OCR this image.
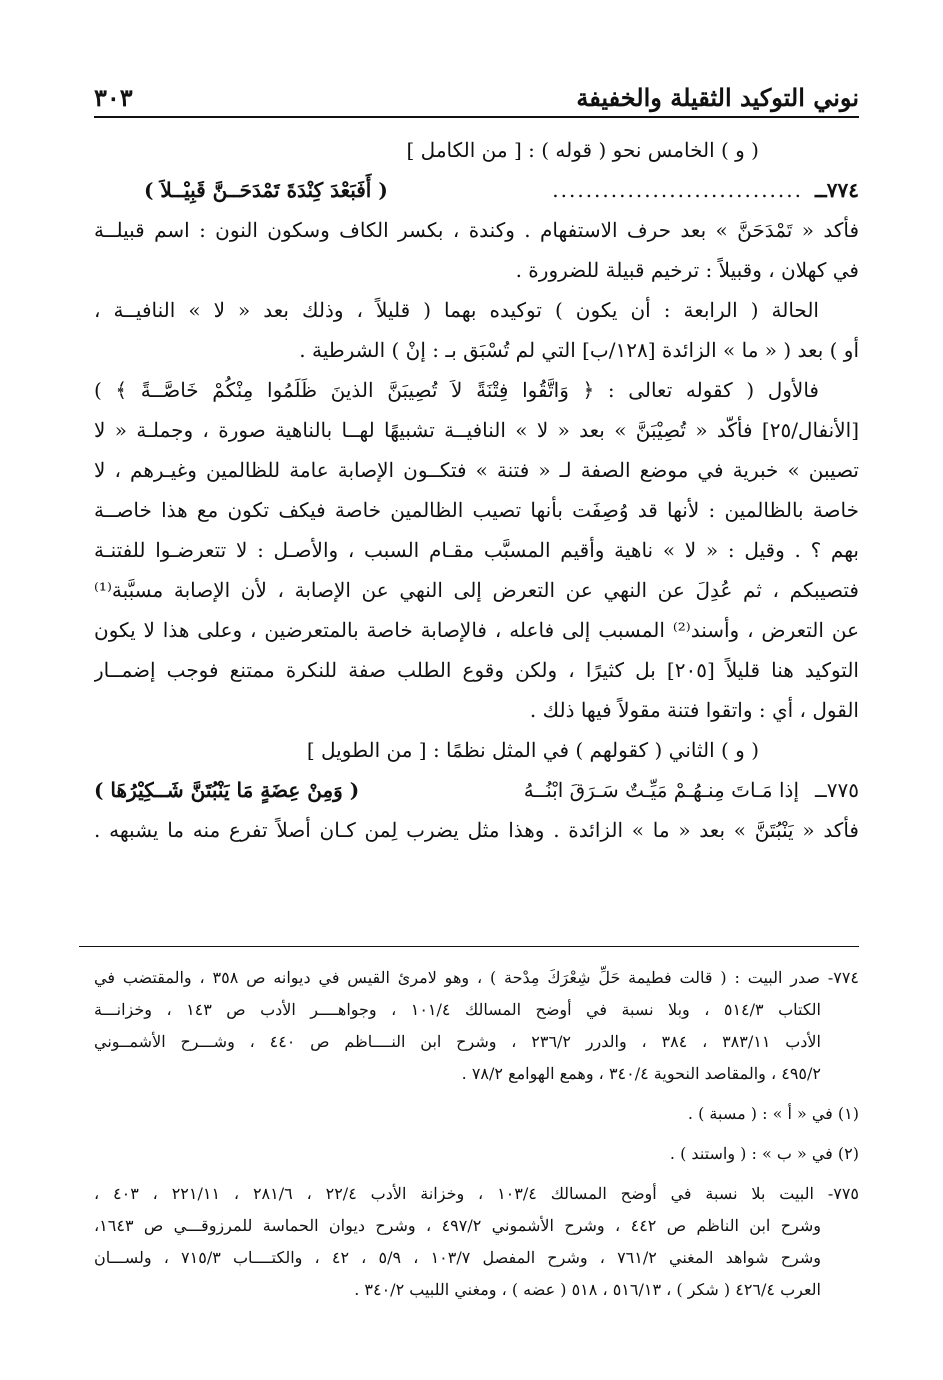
نوني التوكيد الثقيلة والخفيفة
٣٠٣
( و ) الخامس نحو ( قوله ) : [ من الكامل ]
٧٧٤ــ
..............................
( أَفَبَعْدَ كِنْدَةَ تَمْدَحَــنَّ قَبِيْــلاَ )
فأكد « تَمْدَحَنَّ » بعد حرف الاستفهام . وكندة ، بكسر الكاف وسكون النون : اسم قبيلــة
في كهلان ، وقبيلاً : ترخيم قبيلة للضرورة .
الحالة ( الرابعة : أن يكون ) توكيده بهما ( قليلاً ، وذلك بعد « لا » النافيــة ،
أو ) بعد ( « ما » الزائدة [١٢٨/ب] التي لم تُسْبَق بـ : إنْ ) الشرطية .
فالأول ( كقوله تعالى : ﴿ وَاتَّقُوا فِتْنَةً لاَ تُصِيبَنَّ الذينَ ظَلَمُوا مِنْكُمْ خَاصَّــةً ﴾ )
[الأنفال/٢٥] فأكّد « تُصِيْبَنَّ » بعد « لا » النافيــة تشبيهًا لهــا بالناهية صورة ، وجملـة « لا
تصيبن » خبرية في موضع الصفة لـ « فتنة » فتكــون الإصابة عامة للظالمين وغيـرهم ، لا
خاصة بالظالمين : لأنها قد وُصِفَت بأنها تصيب الظالمين خاصة فيكف تكون مع هذا خاصــة
بهم ؟ . وقيل : « لا » ناهية وأقيم المسبَّب مقـام السبب ، والأصـل : لا تتعرضـوا للفتنـة
فتصيبكم ، ثم عُدِلَ عن النهي عن التعرض إلى النهي عن الإصابة ، لأن الإصابة مسبَّبة⁽¹⁾
عن التعرض ، وأسند⁽²⁾ المسبب إلى فاعله ، فالإصابة خاصة بالمتعرضين ، وعلى هذا لا يكون
التوكيد هنا قليلاً [٢٠٥] بل كثيرًا ، ولكن وقوع الطلب صفة للنكرة ممتنع فوجب إضمــار
القول ، أي : واتقوا فتنة مقولاً فيها ذلك .
( و ) الثاني ( كقولهم ) في المثل نظمًا : [ من الطويل ]
٧٧٥ــ
إذا مَـاتَ مِنـهُـمْ مَيِّـتٌ سَـرَقَ ابْنُــهُ
( وَمِنْ عِضَةٍ مَا يَنْبُتَنَّ شَــكِيْرُهَا )
فأكد « يَنْبُتَنَّ » بعد « ما » الزائدة . وهذا مثل يضرب لِمن كـان أصلاً تفرع منه ما يشبهه .
٧٧٤- صدر البيت : ( قالت فطيمة حَلِّ شِعْرَكَ مِدْحة ) ، وهو لامرئ القيس في ديوانه ص ٣٥٨ ، والمقتضب في
الكتاب ٥١٤/٣ ، وبلا نسبة في أوضح المسالك ١٠١/٤ ، وجواهــــر الأدب ص ١٤٣ ، وخزانـــة
الأدب ٣٨٣/١١ ، ٣٨٤ ، والدرر ٢٣٦/٢ ، وشرح ابن النــــاظم ص ٤٤٠ ، وشـــرح الأشمــوني
٤٩٥/٢ ، والمقاصد النحوية ٣٤٠/٤ ، وهمع الهوامع ٧٨/٢ .
(١) في « أ » : ( مسبة ) .
(٢) في « ب » : ( واستند ) .
٧٧٥- البيت بلا نسبة في أوضح المسالك ١٠٣/٤ ، وخزانة الأدب ٢٢/٤ ، ٢٨١/٦ ، ٢٢١/١١ ، ٤٠٣ ،
وشرح ابن الناظم ص ٤٤٢ ، وشرح الأشموني ٤٩٧/٢ ، وشرح ديوان الحماسة للمرزوقـــي ص ١٦٤٣،
وشرح شواهد المغني ٧٦١/٢ ، وشرح المفصل ١٠٣/٧ ، ٥/٩ ، ٤٢ ، والكتــــاب ٧١٥/٣ ، ولســـان
العرب ٤٢٦/٤ ( شكر ) ، ٥١٦/١٣ ، ٥١٨ ( عضه ) ، ومغني اللبيب ٣٤٠/٢ .
